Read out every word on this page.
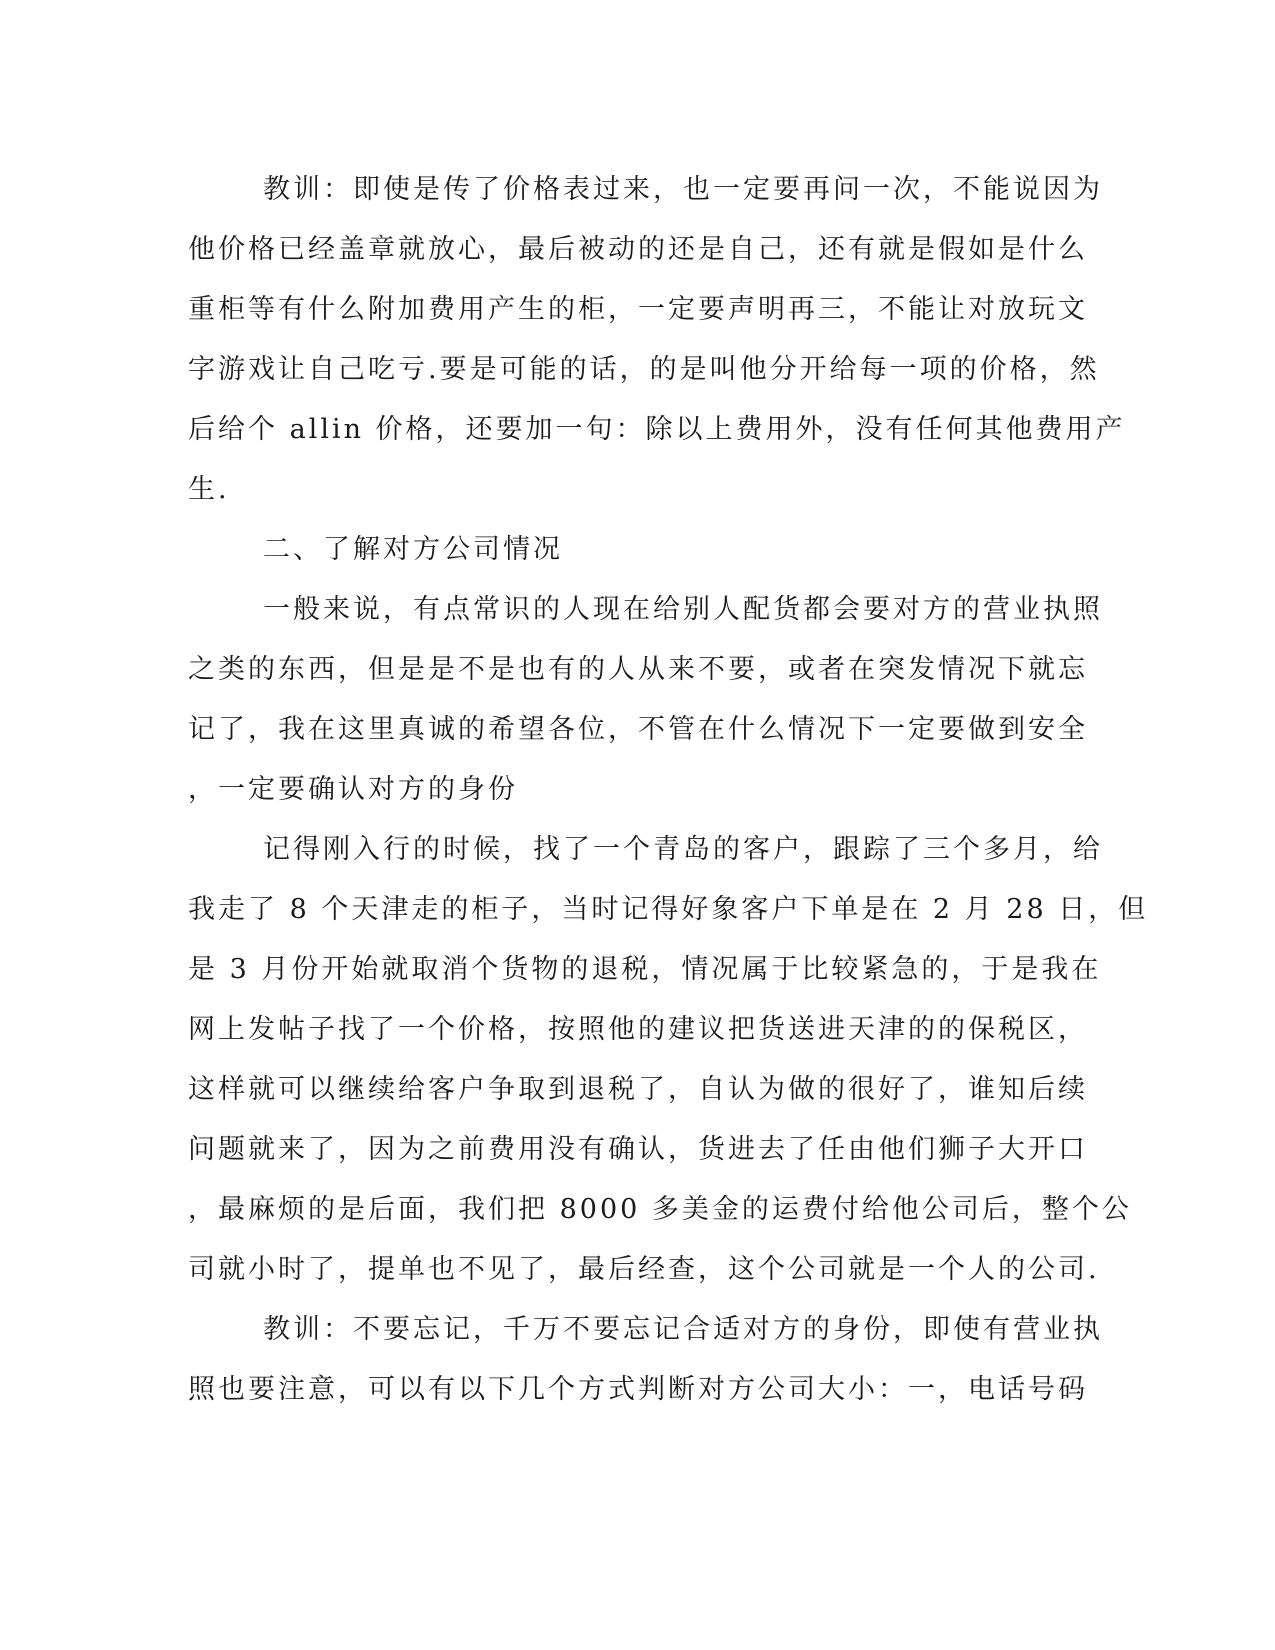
教训：即使是传了价格表过来，也一定要再问一次，不能说因为
他价格已经盖章就放心，最后被动的还是自己，还有就是假如是什么
重柜等有什么附加费用产生的柜，一定要声明再三，不能让对放玩文
字游戏让自己吃亏.要是可能的话，的是叫他分开给每一项的价格，然
后给个 allin 价格，还要加一句：除以上费用外，没有任何其他费用产
生.
二、了解对方公司情况
一般来说，有点常识的人现在给别人配货都会要对方的营业执照
之类的东西，但是是不是也有的人从来不要，或者在突发情况下就忘
记了，我在这里真诚的希望各位，不管在什么情况下一定要做到安全
，一定要确认对方的身份
记得刚入行的时候，找了一个青岛的客户，跟踪了三个多月，给
我走了 8 个天津走的柜子，当时记得好象客户下单是在 2 月 28 日，但
是 3 月份开始就取消个货物的退税，情况属于比较紧急的，于是我在
网上发帖子找了一个价格，按照他的建议把货送进天津的的保税区，
这样就可以继续给客户争取到退税了，自认为做的很好了，谁知后续
问题就来了，因为之前费用没有确认，货进去了任由他们狮子大开口
，最麻烦的是后面，我们把 8000 多美金的运费付给他公司后，整个公
司就小时了，提单也不见了，最后经查，这个公司就是一个人的公司.
教训：不要忘记，千万不要忘记合适对方的身份，即使有营业执
照也要注意，可以有以下几个方式判断对方公司大小：一，电话号码
